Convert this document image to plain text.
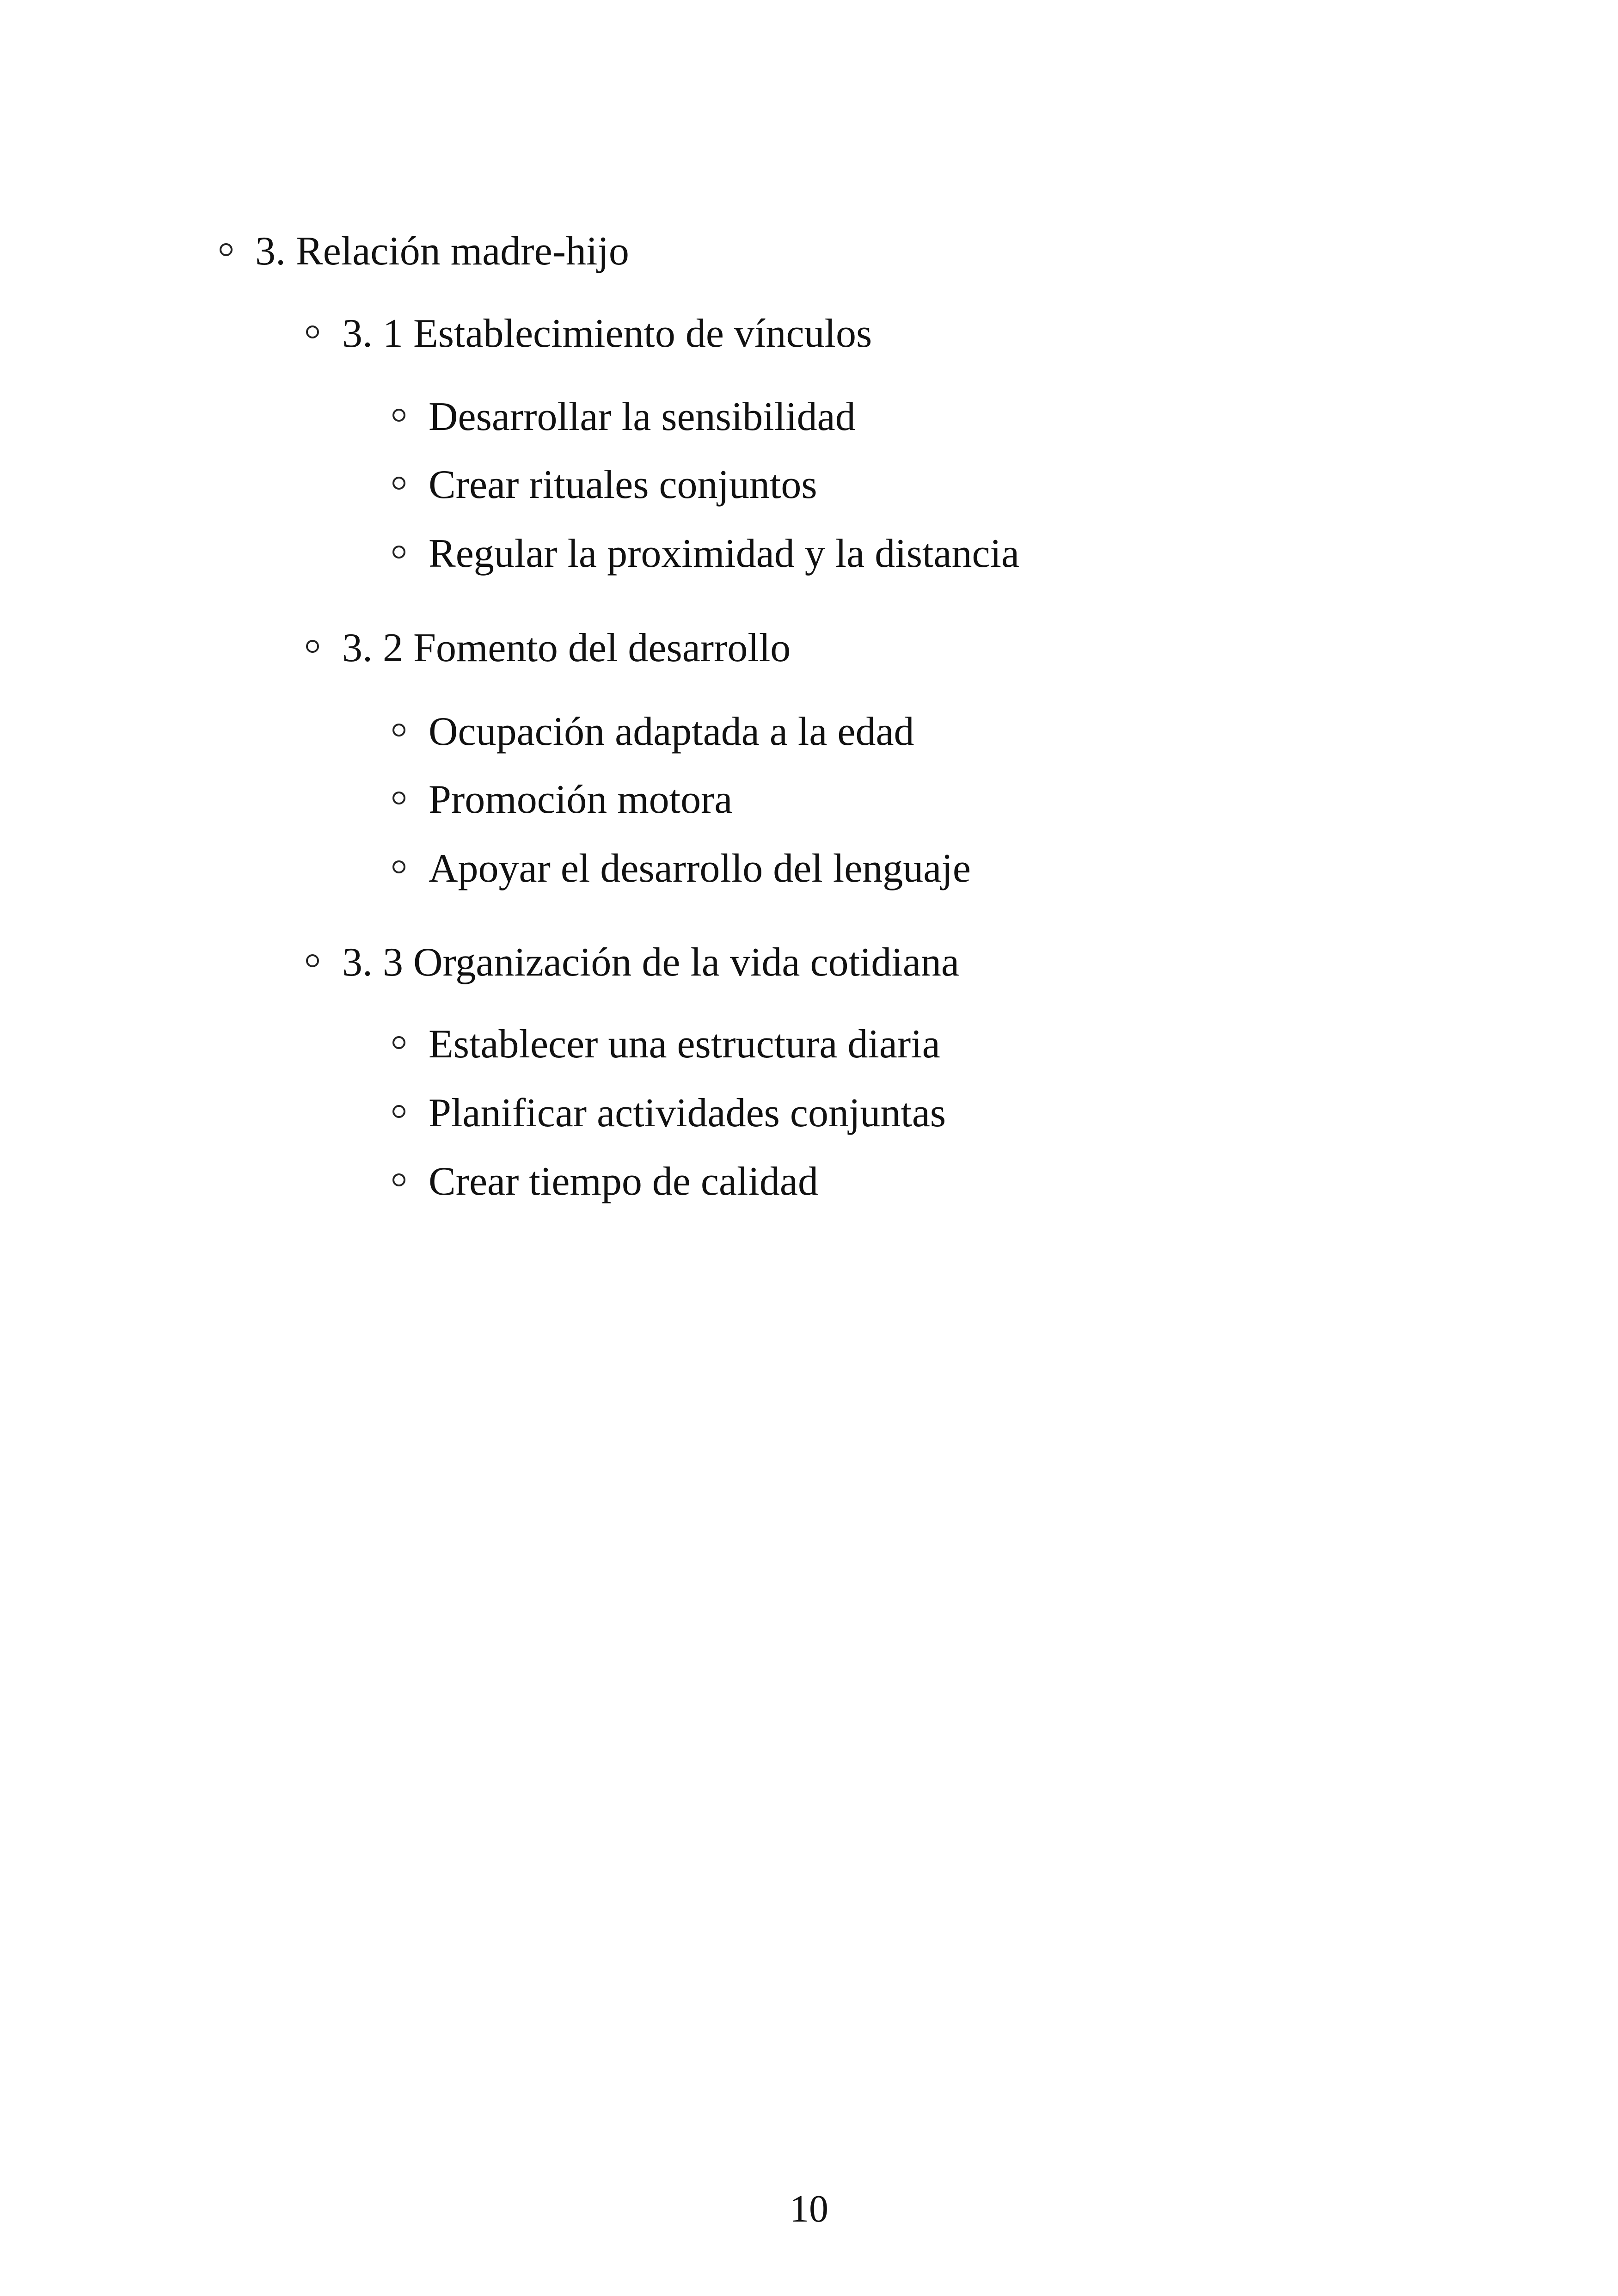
3. Relación madre-hijo
3. 1 Establecimiento de vínculos
Desarrollar la sensibilidad
Crear rituales conjuntos
Regular la proximidad y la distancia
3. 2 Fomento del desarrollo
Ocupación adaptada a la edad
Promoción motora
Apoyar el desarrollo del lenguaje
3. 3 Organización de la vida cotidiana
Establecer una estructura diaria
Planificar actividades conjuntas
Crear tiempo de calidad
10
